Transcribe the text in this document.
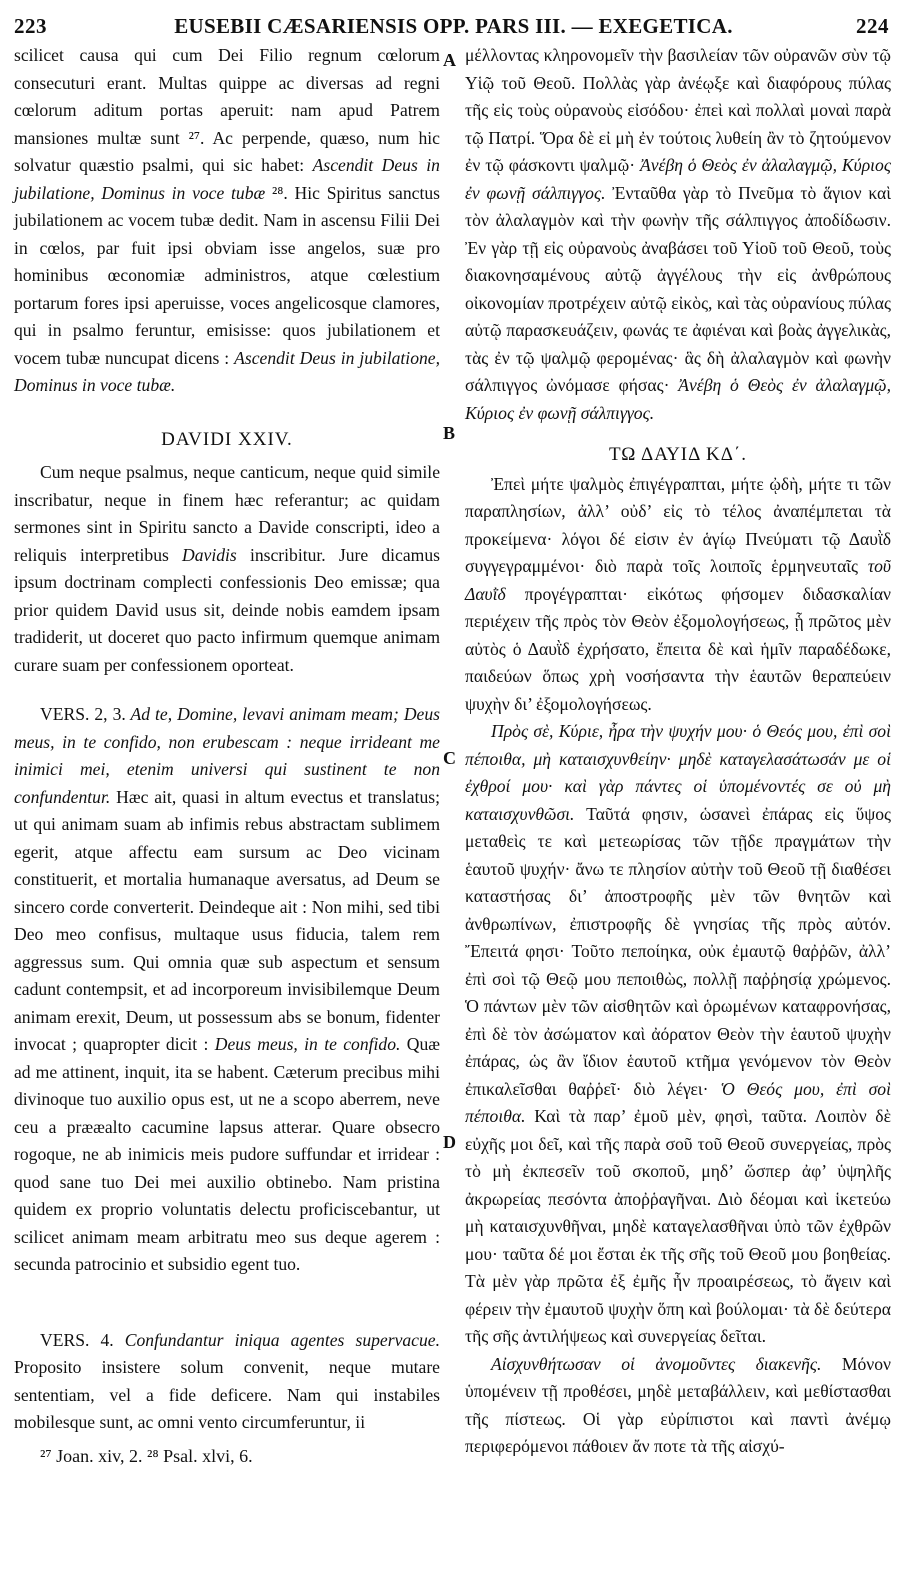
223	EUSEBII CÆSARIENSIS OPP. PARS III. — EXEGETICA.	224
A
B
C
D

scilicet causa qui cum Dei Filio regnum cœlorum consecuturi erant. Multas quippe ac diversas ad regni cœlorum aditum portas aperuit: nam apud Patrem mansiones multæ sunt ²⁷. Ac perpende, quæso, num hic solvatur quæstio psalmi, qui sic habet: Ascendit Deus in jubilatione, Dominus in voce tubæ ²⁸. Hic Spiritus sanctus jubilationem ac vocem tubæ dedit. Nam in ascensu Filii Dei in cœlos, par fuit ipsi obviam isse angelos, suæ pro hominibus œconomiæ administros, atque cœlestium portarum fores ipsi aperuisse, voces angelicosque clamores, qui in psalmo feruntur, emisisse: quos jubilationem et vocem tubæ nuncupat dicens : Ascendit Deus in jubilatione, Dominus in voce tubæ.

DAVIDI XXIV.

Cum neque psalmus, neque canticum, neque quid simile inscribatur, neque in finem hæc referantur; ac quidam sermones sint in Spiritu sancto a Davide conscripti, ideo a reliquis interpretibus Davidis inscribitur. Jure dicamus ipsum doctrinam complecti confessionis Deo emissæ; qua prior quidem David usus sit, deinde nobis eamdem ipsam tradiderit, ut doceret quo pacto infirmum quemque animam curare suam per confessionem oporteat.

VERS. 2, 3. Ad te, Domine, levavi animam meam; Deus meus, in te confido, non erubescam : neque irrideant me inimici mei, etenim universi qui sustinent te non confundentur. Hæc ait, quasi in altum evectus et translatus; ut qui animam suam ab infimis rebus abstractam sublimem egerit, atque affectu eam sursum ac Deo vicinam constituerit, et mortalia humanaque aversatus, ad Deum se sincero corde converterit. Deindeque ait : Non mihi, sed tibi Deo meo confisus, multaque usus fiducia, talem rem aggressus sum. Qui omnia quæ sub aspectum et sensum cadunt contempsit, et ad incorporeum invisibilemque Deum animam erexit, Deum, ut possessum abs se bonum, fidenter invocat ; quapropter dicit : Deus meus, in te confido. Quæ ad me attinent, inquit, ita se habent. Cæterum precibus mihi divinoque tuo auxilio opus est, ut ne a scopo aberrem, neve ceu a prææalto cacumine lapsus atterar. Quare obsecro rogoque, ne ab inimicis meis pudore suffundar et irridear : quod sane tuo Dei mei auxilio obtinebo. Nam pristina quidem ex proprio voluntatis delectu proficiscebantur, ut scilicet animam meam arbitratu meo sus deque agerem : secunda patrocinio et subsidio egent tuo.

VERS. 4. Confundantur iniqua agentes supervacue. Proposito insistere solum convenit, neque mutare sententiam, vel a fide deficere. Nam qui instabiles mobilesque sunt, ac omni vento circumferuntur, ii

μέλλοντας κληρονομεῖν τὴν βασιλείαν τῶν οὐρανῶν σὺν τῷ Υἱῷ τοῦ Θεοῦ. Πολλὰς γὰρ ἀνέῳξε καὶ διαφόρους πύλας τῆς εἰς τοὺς οὐρανοὺς εἰσόδου· ἐπεὶ καὶ πολλαὶ μοναὶ παρὰ τῷ Πατρί. Ὅρα δὲ εἰ μὴ ἐν τούτοις λυθείη ἂν τὸ ζητούμενον ἐν τῷ φάσκοντι ψαλμῷ· Ἀνέβη ὁ Θεὸς ἐν ἀλαλαγμῷ, Κύριος ἐν φωνῇ σάλπιγγος. Ἐνταῦθα γὰρ τὸ Πνεῦμα τὸ ἅγιον καὶ τὸν ἀλαλαγμὸν καὶ τὴν φωνὴν τῆς σάλπιγγος ἀποδίδωσιν. Ἐν γὰρ τῇ εἰς οὐρανοὺς ἀναβάσει τοῦ Υἱοῦ τοῦ Θεοῦ, τοὺς διακονησαμένους αὐτῷ ἀγγέλους τὴν εἰς ἀνθρώπους οἰκονομίαν προτρέχειν αὐτῷ εἰκὸς, καὶ τὰς οὐρανίους πύλας αὐτῷ παρασκευάζειν, φωνάς τε ἀφιέναι καὶ βοὰς ἀγγελικὰς, τὰς ἐν τῷ ψαλμῷ φερομένας· ἃς δὴ ἀλαλαγμὸν καὶ φωνὴν σάλπιγγος ὠνόμασε φήσας· Ἀνέβη ὁ Θεὸς ἐν ἀλαλαγμῷ, Κύριος ἐν φωνῇ σάλπιγγος.

ΤΩ ΔΑΥΙΔ ΚΔ΄.

Ἐπεὶ μήτε ψαλμὸς ἐπιγέγραπται, μήτε ᾠδὴ, μήτε τι τῶν παραπλησίων, ἀλλ’ οὐδ’ εἰς τὸ τέλος ἀναπέμπεται τὰ προκείμενα· λόγοι δέ εἰσιν ἐν ἁγίῳ Πνεύματι τῷ Δαυῒδ συγγεγραμμένοι· διὸ παρὰ τοῖς λοιποῖς ἑρμηνευταῖς τοῦ Δαυῒδ προγέγραπται· εἰκότως φήσομεν διδασκαλίαν περιέχειν τῆς πρὸς τὸν Θεὸν ἐξομολογήσεως, ᾗ πρῶτος μὲν αὐτὸς ὁ Δαυῒδ ἐχρήσατο, ἔπειτα δὲ καὶ ἡμῖν παραδέδωκε, παιδεύων ὅπως χρὴ νοσήσαντα τὴν ἑαυτῶν θεραπεύειν ψυχὴν δι’ ἐξομολογήσεως.

Πρὸς σὲ, Κύριε, ἦρα τὴν ψυχήν μου· ὁ Θεός μου, ἐπὶ σοὶ πέποιθα, μὴ καταισχυνθείην· μηδὲ καταγελασάτωσάν με οἱ ἐχθροί μου· καὶ γὰρ πάντες οἱ ὑπομένοντές σε οὐ μὴ καταισχυνθῶσι. Ταῦτά φησιν, ὡσανεὶ ἐπάρας εἰς ὕψος μεταθεὶς τε καὶ μετεωρίσας τῶν τῇδε πραγμάτων τὴν ἑαυτοῦ ψυχήν· ἄνω τε πλησίον αὐτὴν τοῦ Θεοῦ τῇ διαθέσει καταστήσας δι’ ἀποστροφῆς μὲν τῶν θνητῶν καὶ ἀνθρωπίνων, ἐπιστροφῆς δὲ γνησίας τῆς πρὸς αὐτόν. Ἔπειτά φησι· Τοῦτο πεποίηκα, οὐκ ἐμαυτῷ θαῤῥῶν, ἀλλ’ ἐπὶ σοὶ τῷ Θεῷ μου πεποιθὼς, πολλῇ παῤῥησίᾳ χρώμενος. Ὁ πάντων μὲν τῶν αἰσθητῶν καὶ ὁρωμένων καταφρονήσας, ἐπὶ δὲ τὸν ἀσώματον καὶ ἀόρατον Θεὸν τὴν ἑαυτοῦ ψυχὴν ἐπάρας, ὡς ἂν ἴδιον ἑαυτοῦ κτῆμα γενόμενον τὸν Θεὸν ἐπικαλεῖσθαι θαῤῥεῖ· διὸ λέγει· Ὁ Θεός μου, ἐπὶ σοὶ πέποιθα. Καὶ τὰ παρ’ ἐμοῦ μὲν, φησὶ, ταῦτα. Λοιπὸν δὲ εὐχῆς μοι δεῖ, καὶ τῆς παρὰ σοῦ τοῦ Θεοῦ συνεργείας, πρὸς τὸ μὴ ἐκπεσεῖν τοῦ σκοποῦ, μηδ’ ὥσπερ ἀφ’ ὑψηλῆς ἀκρωρείας πεσόντα ἀποῤῥαγῆναι. Διὸ δέομαι καὶ ἱκετεύω μὴ καταισχυνθῆναι, μηδὲ καταγελασθῆναι ὑπὸ τῶν ἐχθρῶν μου· ταῦτα δέ μοι ἔσται ἐκ τῆς σῆς τοῦ Θεοῦ μου βοηθείας. Τὰ μὲν γὰρ πρῶτα ἐξ ἐμῆς ἦν προαιρέσεως, τὸ ἄγειν καὶ φέρειν τὴν ἐμαυτοῦ ψυχὴν ὅπη καὶ βούλομαι· τὰ δὲ δεύτερα τῆς σῆς ἀντιλήψεως καὶ συνεργείας δεῖται.

Αἰσχυνθήτωσαν οἱ ἀνομοῦντες διακενῆς. Μόνον ὑπομένειν τῇ προθέσει, μηδὲ μεταβάλλειν, καὶ μεθίστασθαι τῆς πίστεως. Οἱ γὰρ εὐρίπιστοι καὶ παντὶ ἀνέμῳ περιφερόμενοι πάθοιεν ἄν ποτε τὰ τῆς αἰσχύ-

²⁷ Joan. xiv, 2. ²⁸ Psal. xlvi, 6.
